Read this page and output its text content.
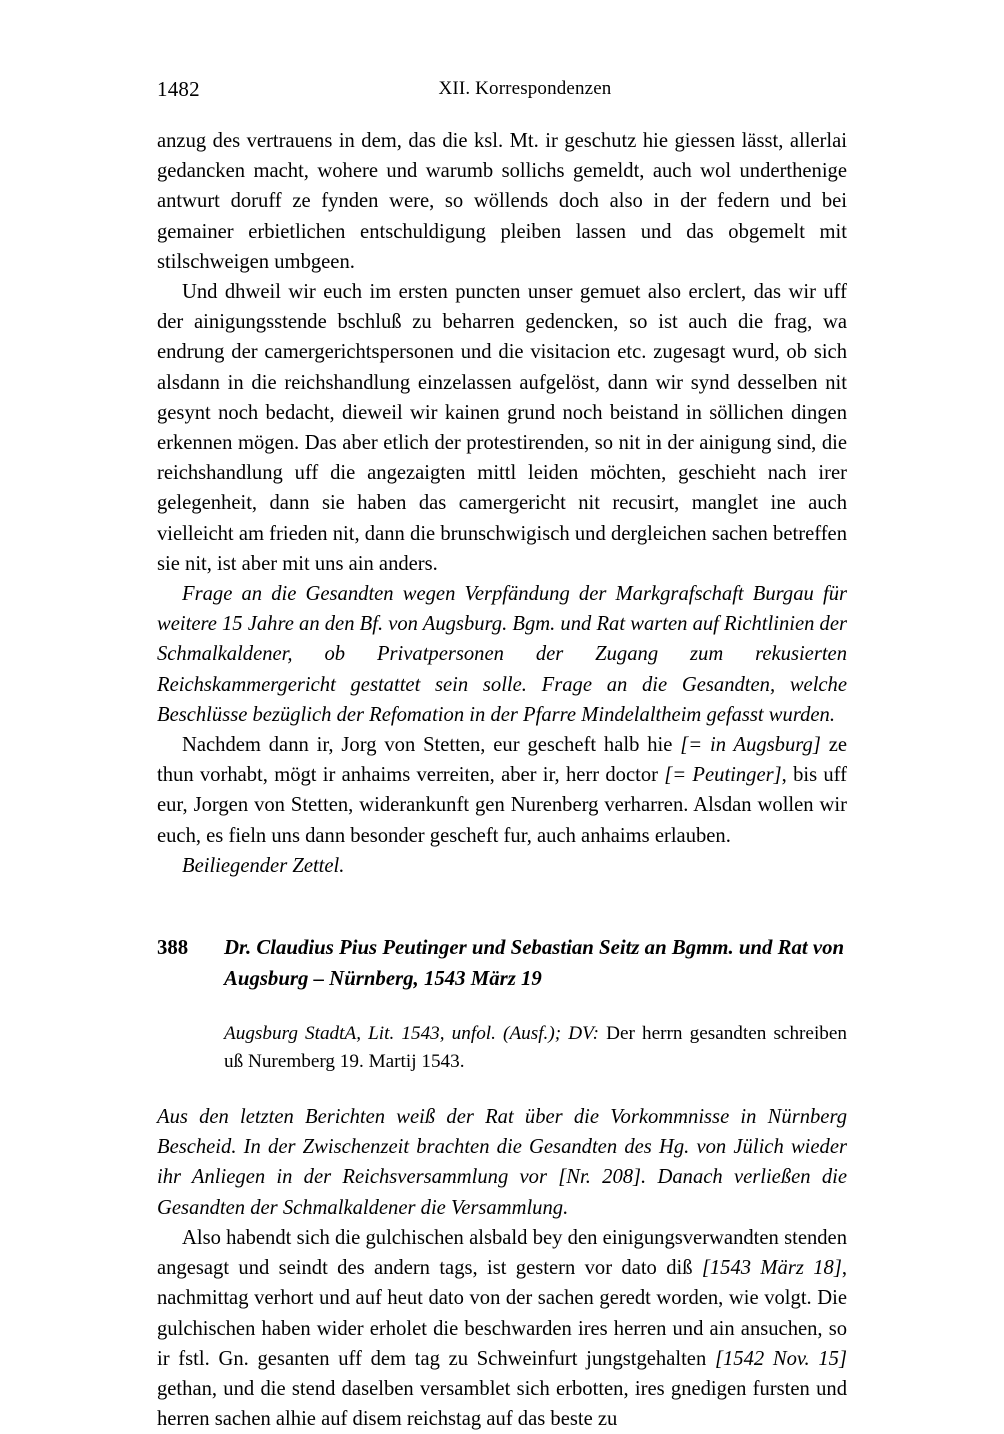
1482	XII. Korrespondenzen

anzug des vertrauens in dem, das die ksl. Mt. ir geschutz hie giessen lässt, allerlai gedancken macht, wohere und warumb sollichs gemeldt, auch wol underthenige antwurt doruff ze fynden were, so wöllends doch also in der federn und bei gemainer erbietlichen entschuldigung pleiben lassen und das obgemelt mit stilschweigen umbgeen.

Und dhweil wir euch im ersten puncten unser gemuet also erclert, das wir uff der ainigungsstende bschluß zu beharren gedencken, so ist auch die frag, wa endrung der camergerichtspersonen und die visitacion etc. zugesagt wurd, ob sich alsdann in die reichshandlung einzelassen aufgelöst, dann wir synd desselben nit gesynt noch bedacht, dieweil wir kainen grund noch beistand in söllichen dingen erkennen mögen. Das aber etlich der protestirenden, so nit in der ainigung sind, die reichshandlung uff die angezaigten mittl leiden möchten, geschieht nach irer gelegenheit, dann sie haben das camergericht nit recusirt, manglet ine auch vielleicht am frieden nit, dann die brunschwigisch und dergleichen sachen betreffen sie nit, ist aber mit uns ain anders.

Frage an die Gesandten wegen Verpfändung der Markgrafschaft Burgau für weitere 15 Jahre an den Bf. von Augsburg. Bgm. und Rat warten auf Richtlinien der Schmalkaldener, ob Privatpersonen der Zugang zum rekusierten Reichskammergericht gestattet sein solle. Frage an die Gesandten, welche Beschlüsse bezüglich der Refomation in der Pfarre Mindelaltheim gefasst wurden.

Nachdem dann ir, Jorg von Stetten, eur gescheft halb hie [= in Augsburg] ze thun vorhabt, mögt ir anhaims verreiten, aber ir, herr doctor [= Peutinger], bis uff eur, Jorgen von Stetten, widerankunft gen Nurenberg verharren. Alsdan wollen wir euch, es fieln uns dann besonder gescheft fur, auch anhaims erlauben.

Beiliegender Zettel.

388 Dr. Claudius Pius Peutinger und Sebastian Seitz an Bgmm. und Rat von Augsburg – Nürnberg, 1543 März 19

Augsburg StadtA, Lit. 1543, unfol. (Ausf.); DV: Der herrn gesandten schreiben uß Nuremberg 19. Martij 1543.

Aus den letzten Berichten weiß der Rat über die Vorkommnisse in Nürnberg Bescheid. In der Zwischenzeit brachten die Gesandten des Hg. von Jülich wieder ihr Anliegen in der Reichsversammlung vor [Nr. 208]. Danach verließen die Gesandten der Schmalkaldener die Versammlung.

Also habendt sich die gulchischen alsbald bey den einigungsverwandten stenden angesagt und seindt des andern tags, ist gestern vor dato diß [1543 März 18], nachmittag verhort und auf heut dato von der sachen geredt worden, wie volgt. Die gulchischen haben wider erholet die beschwarden ires herren und ain ansuchen, so ir fstl. Gn. gesanten uff dem tag zu Schweinfurt jungstgehalten [1542 Nov. 15] gethan, und die stend daselben versamblet sich erbotten, ires gnedigen fursten und herren sachen alhie auf disem reichstag auf das beste zu
